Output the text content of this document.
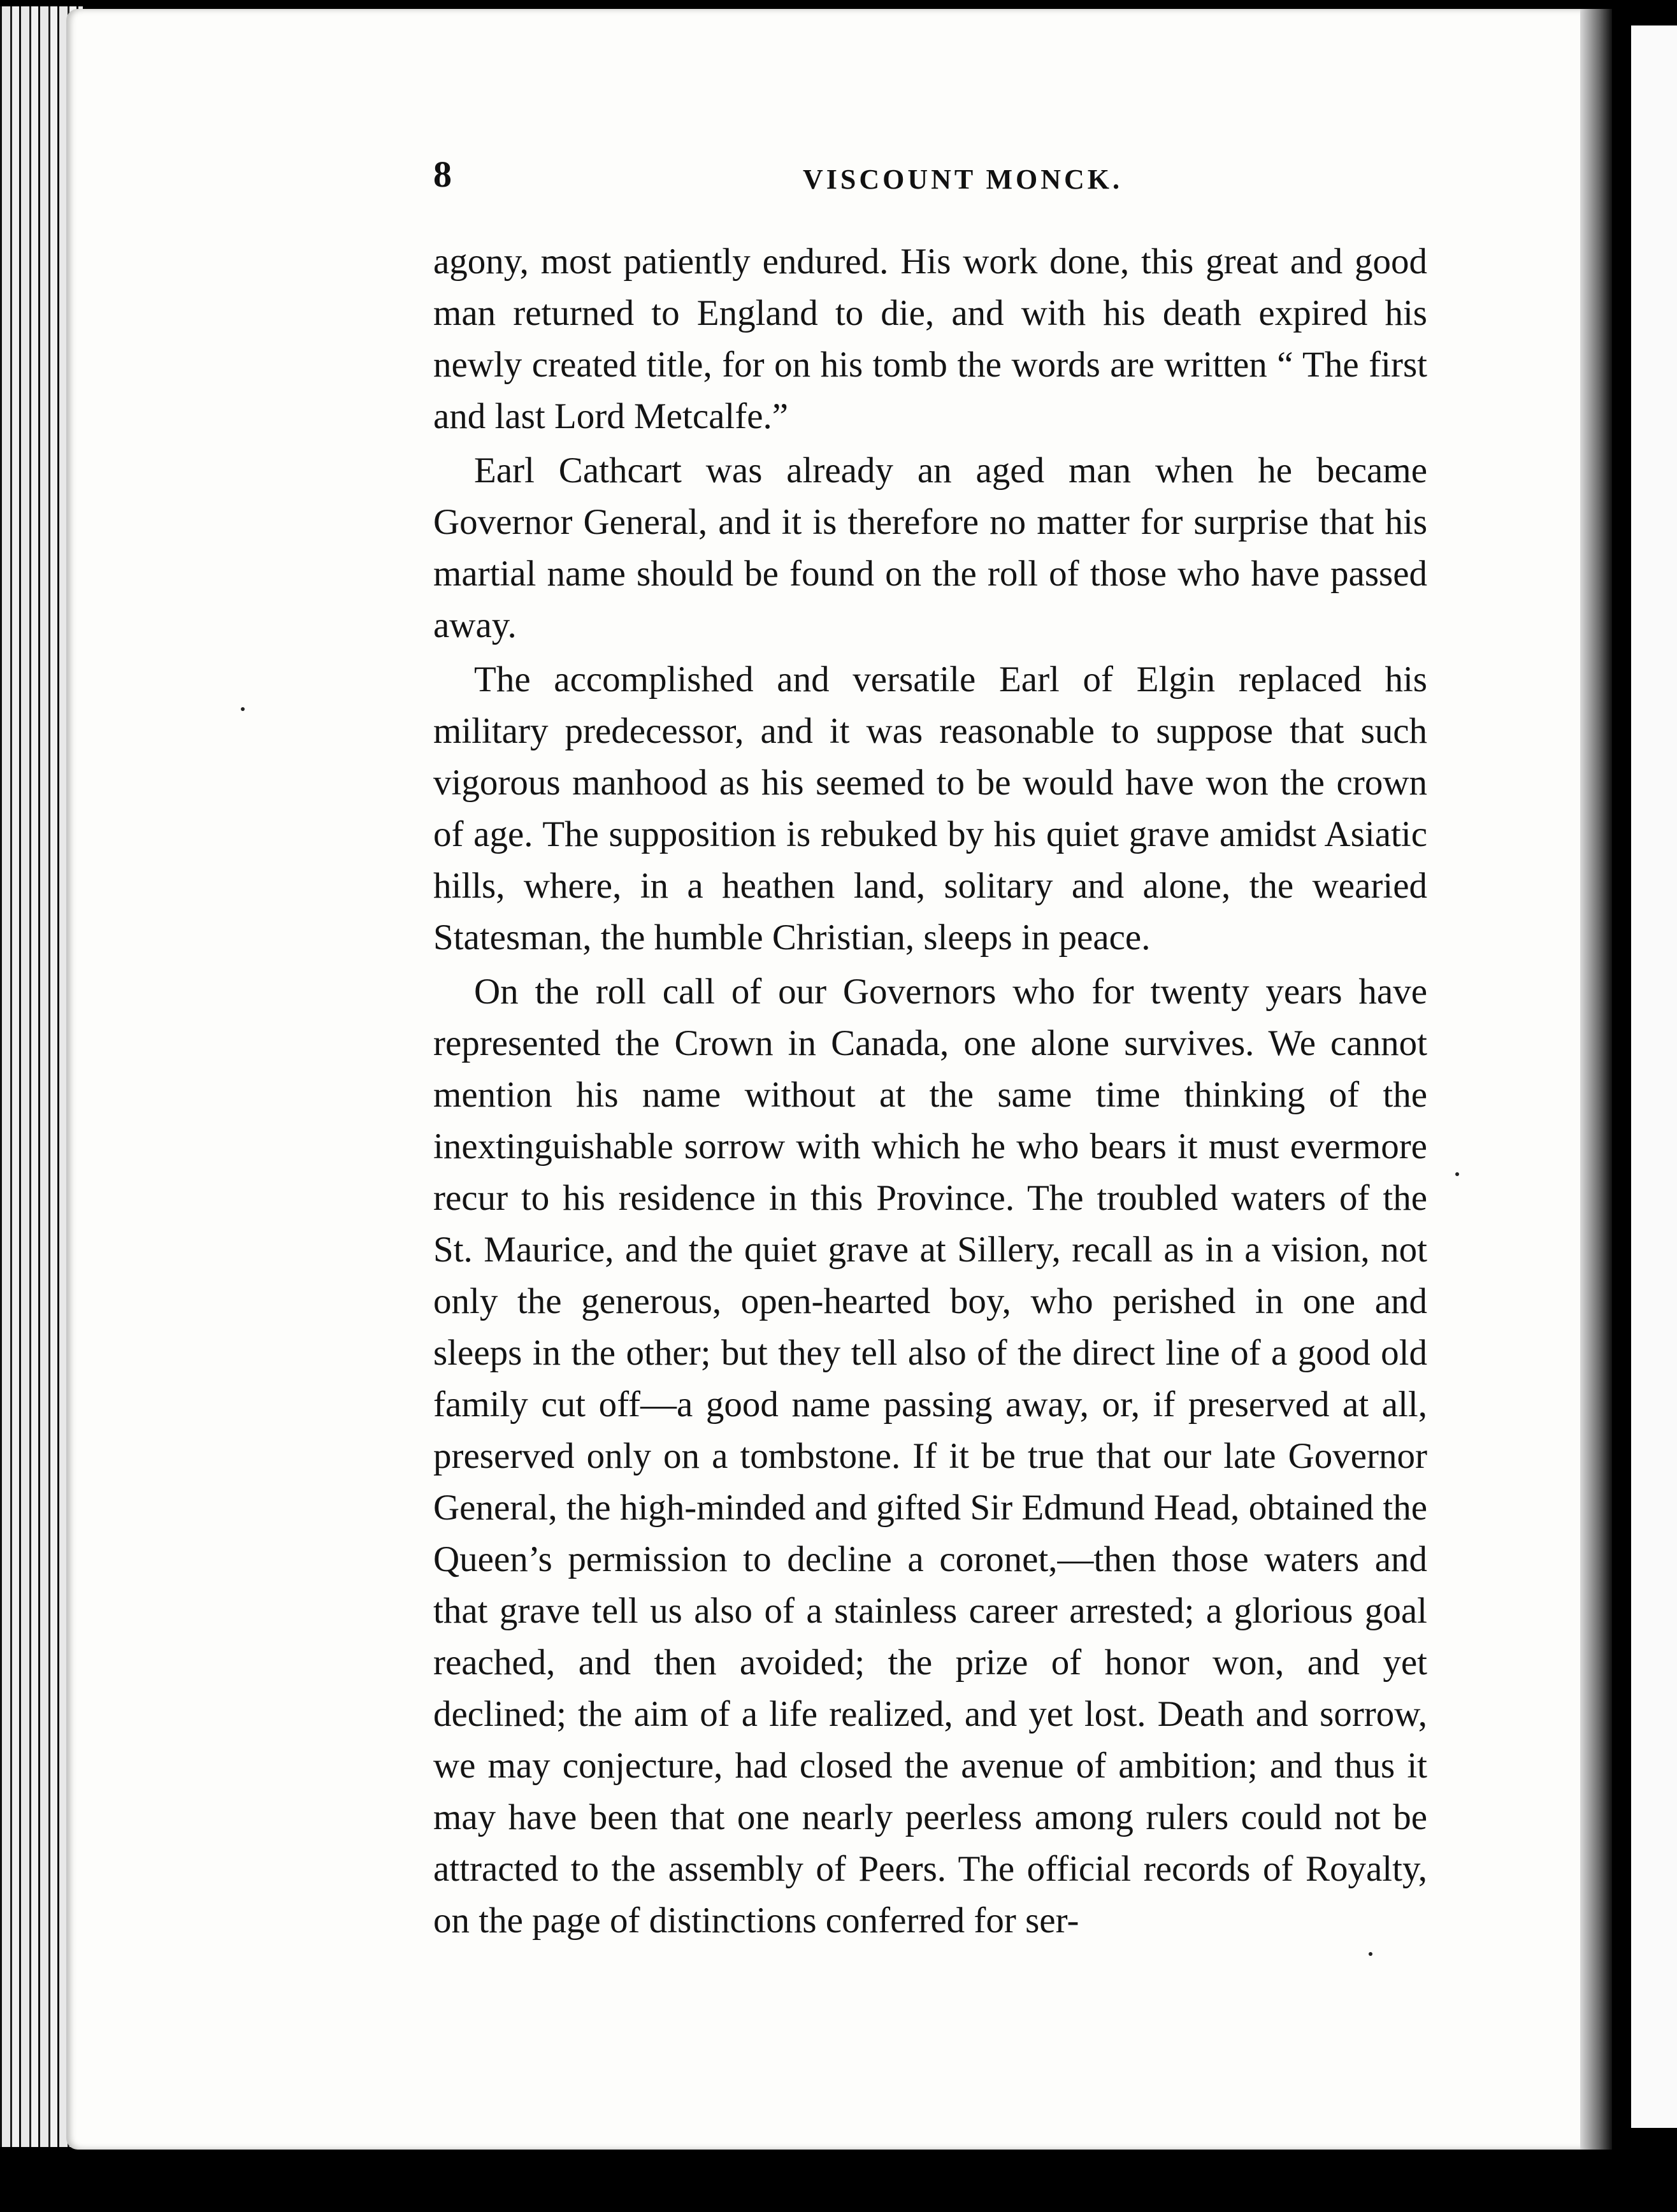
8	VISCOUNT MONCK.

agony, most patiently endured. His work done, this great and good man returned to England to die, and with his death expired his newly created title, for on his tomb the words are written “ The first and last Lord Metcalfe.”

Earl Cathcart was already an aged man when he became Governor General, and it is therefore no matter for surprise that his martial name should be found on the roll of those who have passed away.

The accomplished and versatile Earl of Elgin replaced his military predecessor, and it was reasonable to suppose that such vigorous manhood as his seemed to be would have won the crown of age. The supposition is rebuked by his quiet grave amidst Asiatic hills, where, in a heathen land, solitary and alone, the wearied Statesman, the humble Christian, sleeps in peace.

On the roll call of our Governors who for twenty years have represented the Crown in Canada, one alone survives. We cannot mention his name without at the same time thinking of the inextinguishable sorrow with which he who bears it must evermore recur to his residence in this Province. The troubled waters of the St. Maurice, and the quiet grave at Sillery, recall as in a vision, not only the generous, open-hearted boy, who perished in one and sleeps in the other; but they tell also of the direct line of a good old family cut off—a good name passing away, or, if preserved at all, preserved only on a tombstone. If it be true that our late Governor General, the high-minded and gifted Sir Edmund Head, obtained the Queen’s permission to decline a coronet,—then those waters and that grave tell us also of a stainless career arrested; a glorious goal reached, and then avoided; the prize of honor won, and yet declined; the aim of a life realized, and yet lost. Death and sorrow, we may conjecture, had closed the avenue of ambition; and thus it may have been that one nearly peerless among rulers could not be attracted to the assembly of Peers. The official records of Royalty, on the page of distinctions conferred for ser-
